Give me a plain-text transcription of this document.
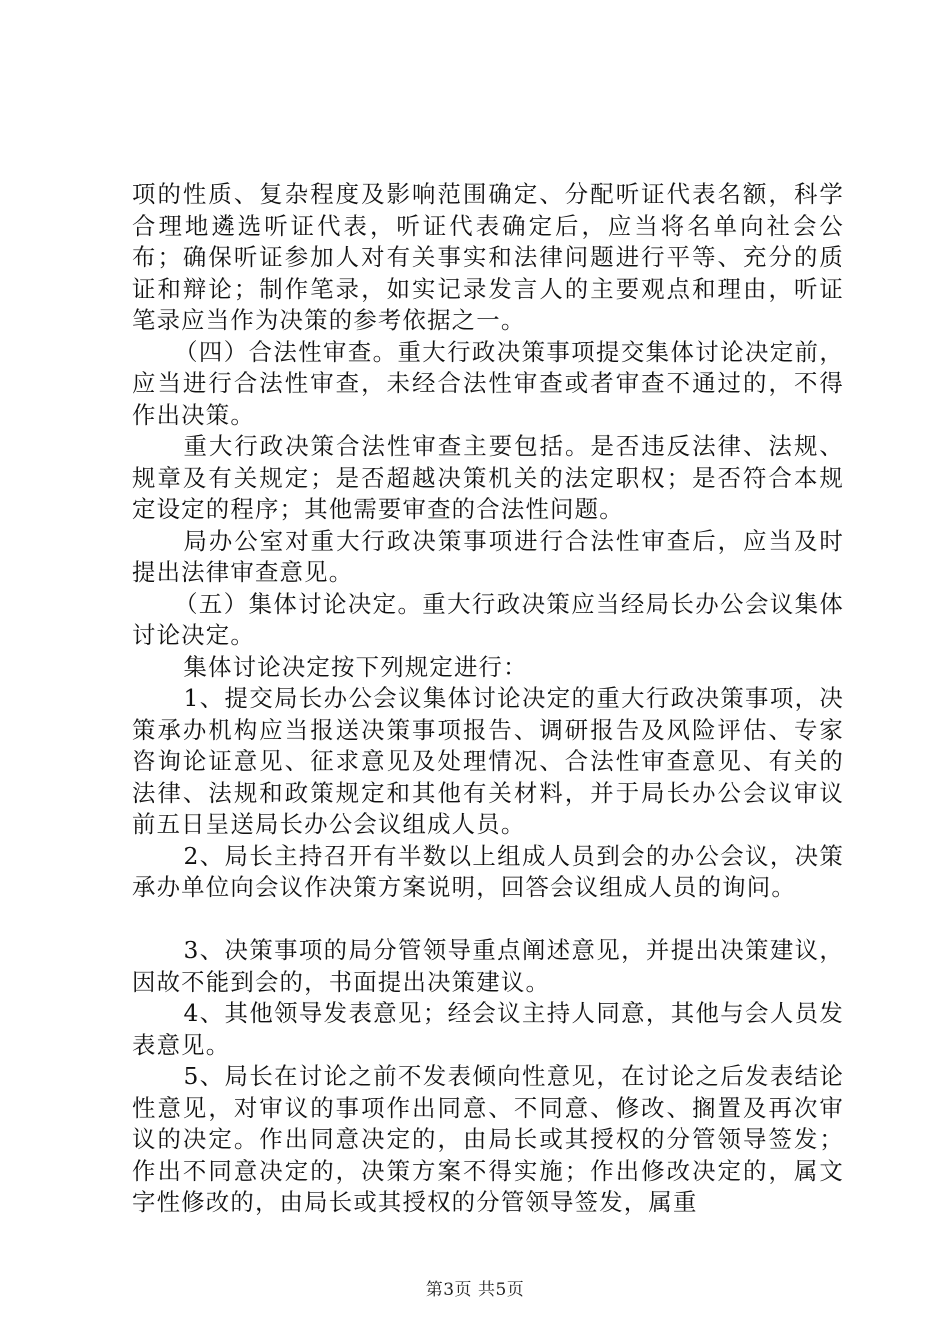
项的性质、复杂程度及影响范围确定、分配听证代表名额，科学合理地遴选听证代表，听证代表确定后，应当将名单向社会公布；确保听证参加人对有关事实和法律问题进行平等、充分的质证和辩论；制作笔录，如实记录发言人的主要观点和理由，听证笔录应当作为决策的参考依据之一。

（四）合法性审查。重大行政决策事项提交集体讨论决定前，应当进行合法性审查，未经合法性审查或者审查不通过的，不得作出决策。

重大行政决策合法性审查主要包括。是否违反法律、法规、规章及有关规定；是否超越决策机关的法定职权；是否符合本规定设定的程序；其他需要审查的合法性问题。

局办公室对重大行政决策事项进行合法性审查后，应当及时提出法律审查意见。

（五）集体讨论决定。重大行政决策应当经局长办公会议集体讨论决定。

集体讨论决定按下列规定进行：

1、提交局长办公会议集体讨论决定的重大行政决策事项，决策承办机构应当报送决策事项报告、调研报告及风险评估、专家咨询论证意见、征求意见及处理情况、合法性审查意见、有关的法律、法规和政策规定和其他有关材料，并于局长办公会议审议前五日呈送局长办公会议组成人员。

2、局长主持召开有半数以上组成人员到会的办公会议，决策承办单位向会议作决策方案说明，回答会议组成人员的询问。

3、决策事项的局分管领导重点阐述意见，并提出决策建议，因故不能到会的，书面提出决策建议。

4、其他领导发表意见；经会议主持人同意，其他与会人员发表意见。

5、局长在讨论之前不发表倾向性意见，在讨论之后发表结论性意见，对审议的事项作出同意、不同意、修改、搁置及再次审议的决定。作出同意决定的，由局长或其授权的分管领导签发；作出不同意决定的，决策方案不得实施；作出修改决定的，属文字性修改的，由局长或其授权的分管领导签发，属重

第3页 共5页
